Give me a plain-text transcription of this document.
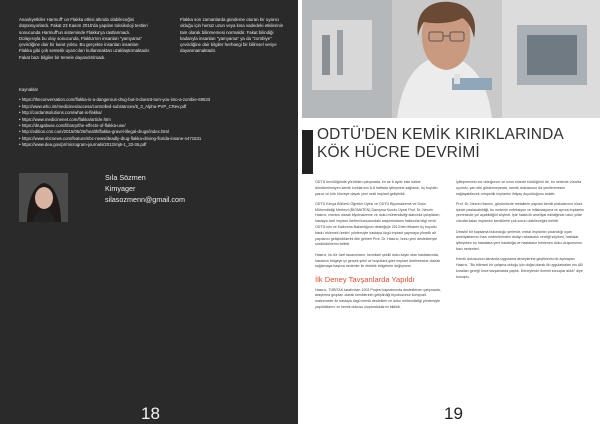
Anaokyetkiler Harmuff' un Flakka etkisi altında olabileceğini düşünüyorlardı. Fakat 23 Kasım 2016'da yapılan toksikoloji testleri sonucunda Harmuff'un sisteminde Flakka'ya rastlanmadı. Dolayısıyla bu olay sonucunda, Flakka'nın insanları "yamyama" çevirdiğine dair bir kanıt yoktu. Bu gerçekte insanları insanları Flakka gibi çok sentetik uyarıcıları kullanmaktan uzaklaştırmaktadır. Fakat bazı bilgiler bir temele dayandırılmadı.

Flakka son zamanlarda gündeme oturan bir uyarıcı olduğu için henüz uzun veya kısa vadedeki etkilerinin tam olarak bilinmemesi normaldir. Fakat bilindiği kadarıyla insanları "yamyama" ya da "zombiye" çevirdiğine dair bilgiler herhangi bir bilimsel veriye dayanmamaktadır.

Kaynaklar

• https://theconversation.com/flakka-is-a-dangerous-drug-but-it-doesnt-turn-you-into-a-zombie-69533
• http://www.who.int/medicines/access/controlled-substances/5_3_Alpha-PVP_CRev.pdf
• http://cordantsolutions.com/what-is-flakka/
• https://www.medicinenet.com/flakka/article.htm
• https://drugabuse.com/library/the-effects-of-flakka-use/
• http://edition.cnn.com/2015/05/26/health/flakka-gravel-illegal-drugs/index.html
• https://www.nbcnews.com/feature/nbc-news/deadly-drug-flakka-driving-florida-insane-n471531
• https://www.dea.gov/pr/microgram-journals/2012/mj6-1_33-36.pdf
Sıla Sözmen
Kimyager
silasozmenn@gmail.com
18	19
ODTÜ'DEN KEMİK KIRIKLARINDA
KÖK HÜCRE DEVRİMİ

ODTÜ öncülüğünde yürütülen çalışmada, en az 6 aydır eski haline döndürelemiyen kemik kırıklarının 6-8 haftada iyileşmesi sağlandı, üç boyutlu yazıcı ve kök hücreye dayalı yeni nesil implant geliştirildi.

ODTÜ Kimya Bölümü Öğretim Üyesi ve ODTÜ Biyomalzeme ve Doku Mühendisliği Merkezi (BİOMATEN) Danışma Kurulu Üyesi Prof. Dr. Nesrin Hasırcı, menkıs olarak biyomalzeme ve doku mühendisliği alanında çalıştıkları, hastaya özel implant üretimi konusundaki araştırmaların hakkında bilgi verdi. ODTÜ'nün ve Kalkınma Bakanlığının desteğiyle 2013'den itibaren üç boyutlu baskı 'eklemeli üretim' yöntemiyle hastaya özgü implant yapmaya yönelik alt yapılarını geliştirdiklerini dile getiren Prof. Dr. Hasırcı, bunu yeni destekleriyle sürdürdüklerini belirtti.

Hasırcı, bu tür özel tasarımların, kemiksel şekilli doku kaybı olan hastalarında, hastanın bölgeye iyi gerçek şekil ve boyutlara göre implant üretilmesine olanak sağlamaya başlıca nedenler ile elektrik bölgelerin değişmesi.

İlk Deney Tavşanlarda Yapıldı

Hasırcı, TÜBİTAK tarafından 1003 Projesi kapsamında desteklenen çalışmada, araştırma grupları olarak kendilerinin geliştirdiği biyobozunur kompozit malzemeler ile hastaya özgü kemik destekleri ve doku mühendisliği yöntemiyle yapıldıklarını ve kemik dokusu oluşturduklarını bildirdi.

İyileşmesinin zor olduğunun ve uzun süredir sürdüğünü de, bu nedenle vücutta uyumlu, yan etki göstermeyecek, kemik dokusunun da yenilenmesini sağlayabilecek ortopedik implantın ihtiyaç duyulduğunu anlattı.

Prof. Dr. Nesrin Hasırcı, günümüzde metallerin yapılan kemik plakalarının vücut içinde paslanabildiği, bu nedenle enfeksiyon ve inflamasyona ve ayrıca implantın çevresinde yol açabildiğini söyledi. İşte hasta ilk ameliyat edildiğinde uzun yıllar vücutta kalan implantın kemiklerle çok sorun olabileceğini belirtti.

Dekstril bir kapsama bulunduğu yerlerde, metal implantın çıkarıldığı uyarı ameliyatlarının bazı nedenlerinden dolayı rahatsızlık verdiği söylemi, hastalar iyileşirken bu hastalara yeni hastalığa ve hastaların beklenen doku oluşumunun bazı nedenleri.

Kemik dokusunun alınanda uygulama deneylerine geçtiklerini de açıklayan Hasırcı, "Bu bilimsel bir çalışma olduğu için doğal olarak ilk uygulamaları mu AB kuralları gereği önce tavşanlarda yaptık. Deneylerde önemli sonuçlar aldık" diye konuştu.
